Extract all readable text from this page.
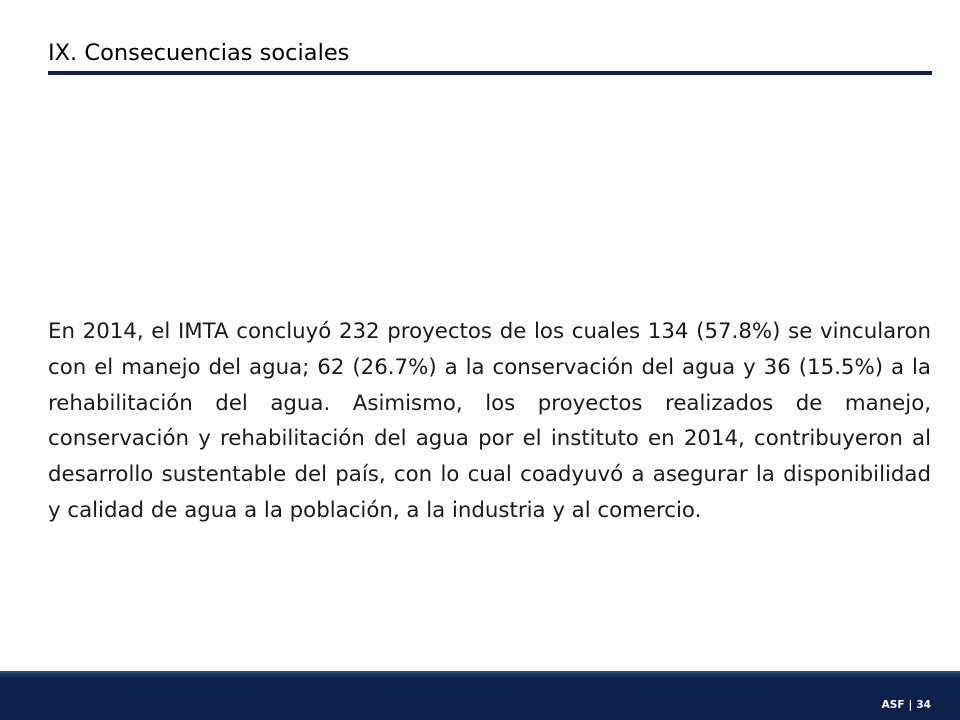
IX. Consecuencias sociales

En 2014, el IMTA concluyó 232 proyectos de los cuales 134 (57.8%) se vincularon con el manejo del agua; 62 (26.7%) a la conservación del agua y 36 (15.5%) a la rehabilitación del agua. Asimismo, los proyectos realizados de manejo, conservación y rehabilitación del agua por el instituto en 2014, contribuyeron al desarrollo sustentable del país, con lo cual coadyuvó a asegurar la disponibilidad y calidad de agua a la población, a la industria y al comercio.

ASF | 34
